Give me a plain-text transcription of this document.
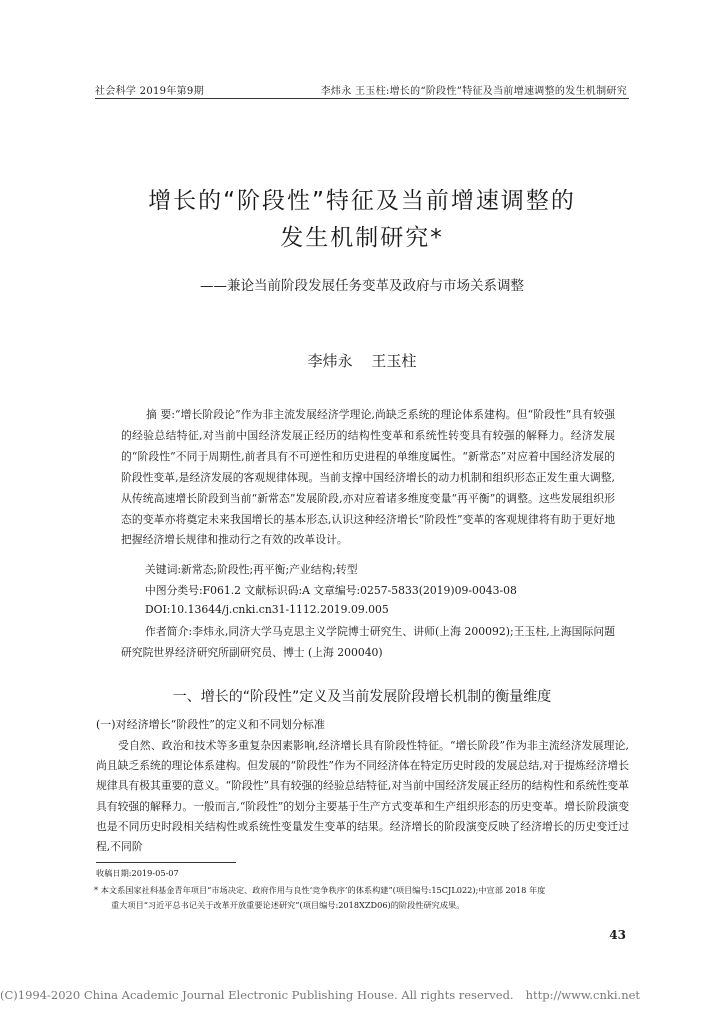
社会科学 2019年第9期	李炜永 王玉柱:增长的“阶段性”特征及当前增速调整的发生机制研究
增长的“阶段性”特征及当前增速调整的
发生机制研究*
——兼论当前阶段发展任务变革及政府与市场关系调整
李炜永 王玉柱
摘 要:“增长阶段论”作为非主流发展经济学理论,尚缺乏系统的理论体系建构。但“阶段性”具有较强的经验总结特征,对当前中国经济发展正经历的结构性变革和系统性转变具有较强的解释力。经济发展的“阶段性”不同于周期性,前者具有不可逆性和历史进程的单维度属性。“新常态”对应着中国经济发展的阶段性变革,是经济发展的客观规律体现。当前支撑中国经济增长的动力机制和组织形态正发生重大调整,从传统高速增长阶段到当前“新常态”发展阶段,亦对应着诸多维度变量“再平衡”的调整。这些发展组织形态的变革亦将奠定未来我国增长的基本形态,认识这种经济增长“阶段性”变革的客观规律将有助于更好地把握经济增长规律和推动行之有效的改革设计。
关键词:新常态;阶段性;再平衡;产业结构;转型
中图分类号:F061.2 文献标识码:A 文章编号:0257-5833(2019)09-0043-08
DOI:10.13644/j.cnki.cn31-1112.2019.09.005
作者简介:李炜永,同济大学马克思主义学院博士研究生、讲师(上海 200092);王玉柱,上海国际问题研究院世界经济研究所副研究员、博士 (上海 200040)
一、增长的“阶段性”定义及当前发展阶段增长机制的衡量维度
(一)对经济增长“阶段性”的定义和不同划分标准
受自然、政治和技术等多重复杂因素影响,经济增长具有阶段性特征。“增长阶段”作为非主流经济发展理论,尚且缺乏系统的理论体系建构。但发展的“阶段性”作为不同经济体在特定历史时段的发展总结,对于提炼经济增长规律具有极其重要的意义。“阶段性”具有较强的经验总结特征,对当前中国经济发展正经历的结构性和系统性变革具有较强的解释力。一般而言,“阶段性”的划分主要基于生产方式变革和生产组织形态的历史变革。增长阶段演变也是不同历史时段相关结构性或系统性变量发生变革的结果。经济增长的阶段演变反映了经济增长的历史变迁过程,不同阶
收稿日期:2019-05-07
* 本文系国家社科基金青年项目“市场决定、政府作用与良性‘竞争秩序’的体系构建”(项目编号:15CJL022);中宣部 2018 年度
重大项目“习近平总书记关于改革开放重要论述研究”(项目编号:2018XZD06)的阶段性研究成果。
43
(C)1994-2020 China Academic Journal Electronic Publishing House. All rights reserved. http://www.cnki.net
